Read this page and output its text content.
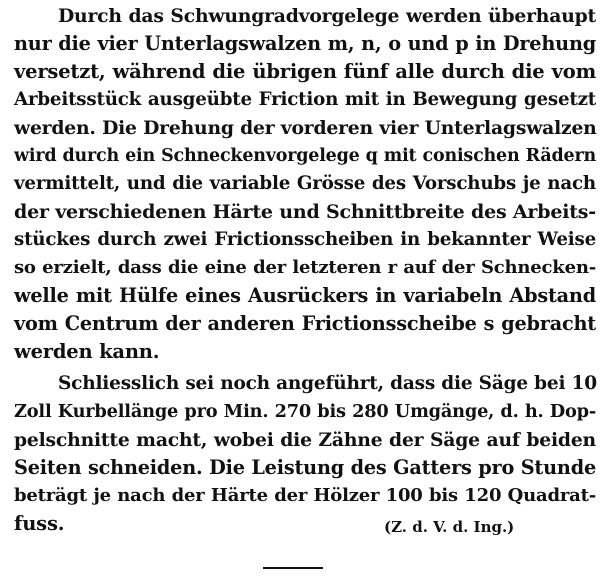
Durch das Schwungradvorgelege werden überhaupt
nur die vier Unterlagswalzen m, n, o und p in Drehung
versetzt, während die übrigen fünf alle durch die vom
Arbeitsstück ausgeübte Friction mit in Bewegung gesetzt
werden. Die Drehung der vorderen vier Unterlagswalzen
wird durch ein Schneckenvorgelege q mit conischen Rädern
vermittelt, und die variable Grösse des Vorschubs je nach
der verschiedenen Härte und Schnittbreite des Arbeits-
stückes durch zwei Frictionsscheiben in bekannter Weise
so erzielt, dass die eine der letzteren r auf der Schnecken-
welle mit Hülfe eines Ausrückers in variabeln Abstand
vom Centrum der anderen Frictionsscheibe s gebracht
werden kann.
Schliesslich sei noch angeführt, dass die Säge bei 10
Zoll Kurbellänge pro Min. 270 bis 280 Umgänge, d. h. Dop-
pelschnitte macht, wobei die Zähne der Säge auf beiden
Seiten schneiden. Die Leistung des Gatters pro Stunde
beträgt je nach der Härte der Hölzer 100 bis 120 Quadrat-
fuss.	(Z. d. V. d. Ing.)
